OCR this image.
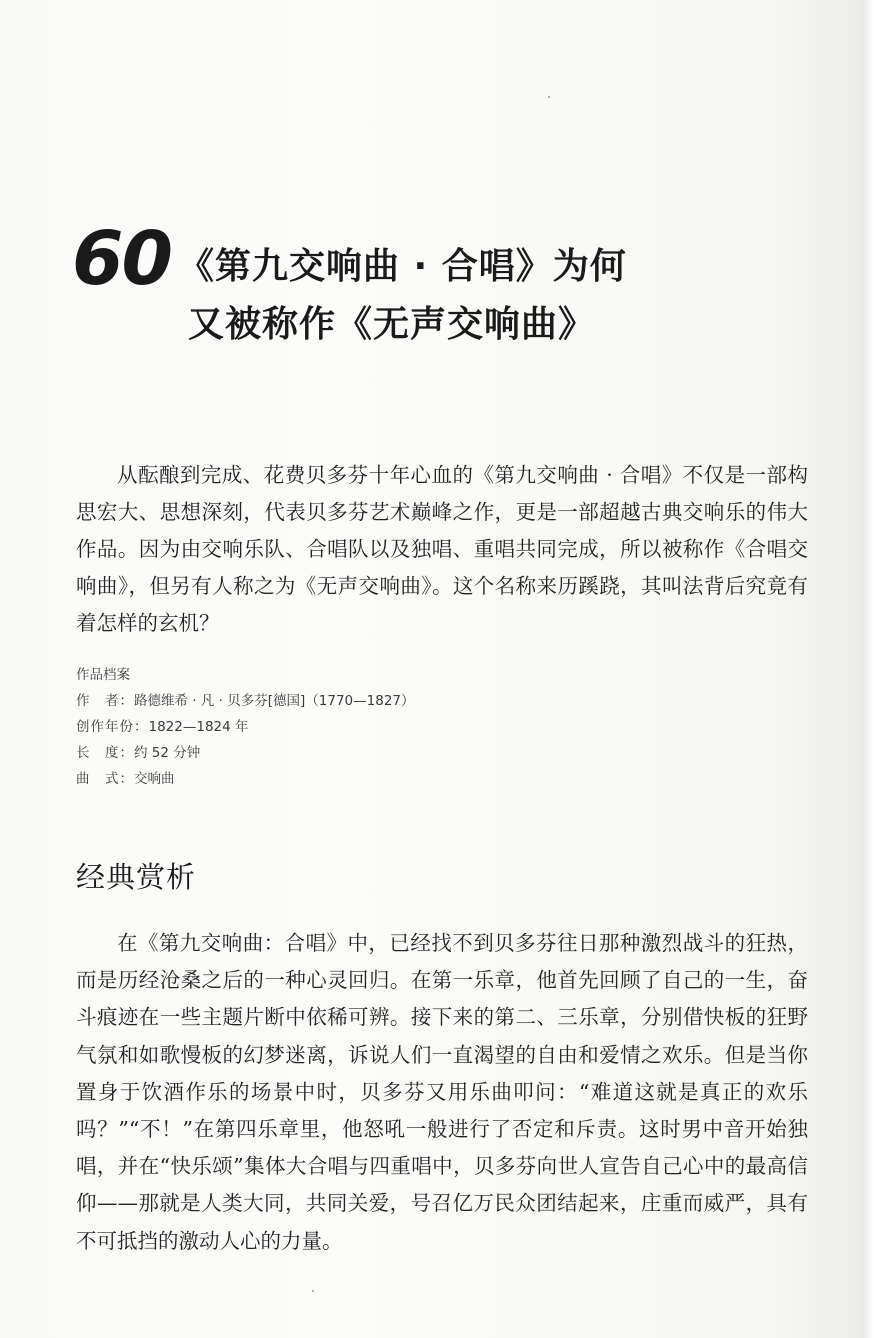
60 《第九交响曲 · 合唱》为何
又被称作《无声交响曲》
从酝酿到完成、花费贝多芬十年心血的《第九交响曲 · 合唱》不仅是一部构思宏大、思想深刻，代表贝多芬艺术巅峰之作，更是一部超越古典交响乐的伟大作品。因为由交响乐队、合唱队以及独唱、重唱共同完成，所以被称作《合唱交响曲》，但另有人称之为《无声交响曲》。这个名称来历蹊跷，其叫法背后究竟有着怎样的玄机？
作品档案
作　者：路德维希 · 凡 · 贝多芬[德国]（1770—1827）
创作年份：1822—1824 年
长　度：约 52 分钟
曲　式：交响曲
经典赏析
在《第九交响曲：合唱》中，已经找不到贝多芬往日那种激烈战斗的狂热，而是历经沧桑之后的一种心灵回归。在第一乐章，他首先回顾了自己的一生，奋斗痕迹在一些主题片断中依稀可辨。接下来的第二、三乐章，分别借快板的狂野气氛和如歌慢板的幻梦迷离，诉说人们一直渴望的自由和爱情之欢乐。但是当你置身于饮酒作乐的场景中时，贝多芬又用乐曲叩问：“难道这就是真正的欢乐吗？”“不！”在第四乐章里，他怒吼一般进行了否定和斥责。这时男中音开始独唱，并在“快乐颂”集体大合唱与四重唱中，贝多芬向世人宣告自己心中的最高信仰——那就是人类大同，共同关爱，号召亿万民众团结起来，庄重而威严，具有不可抵挡的激动人心的力量。
